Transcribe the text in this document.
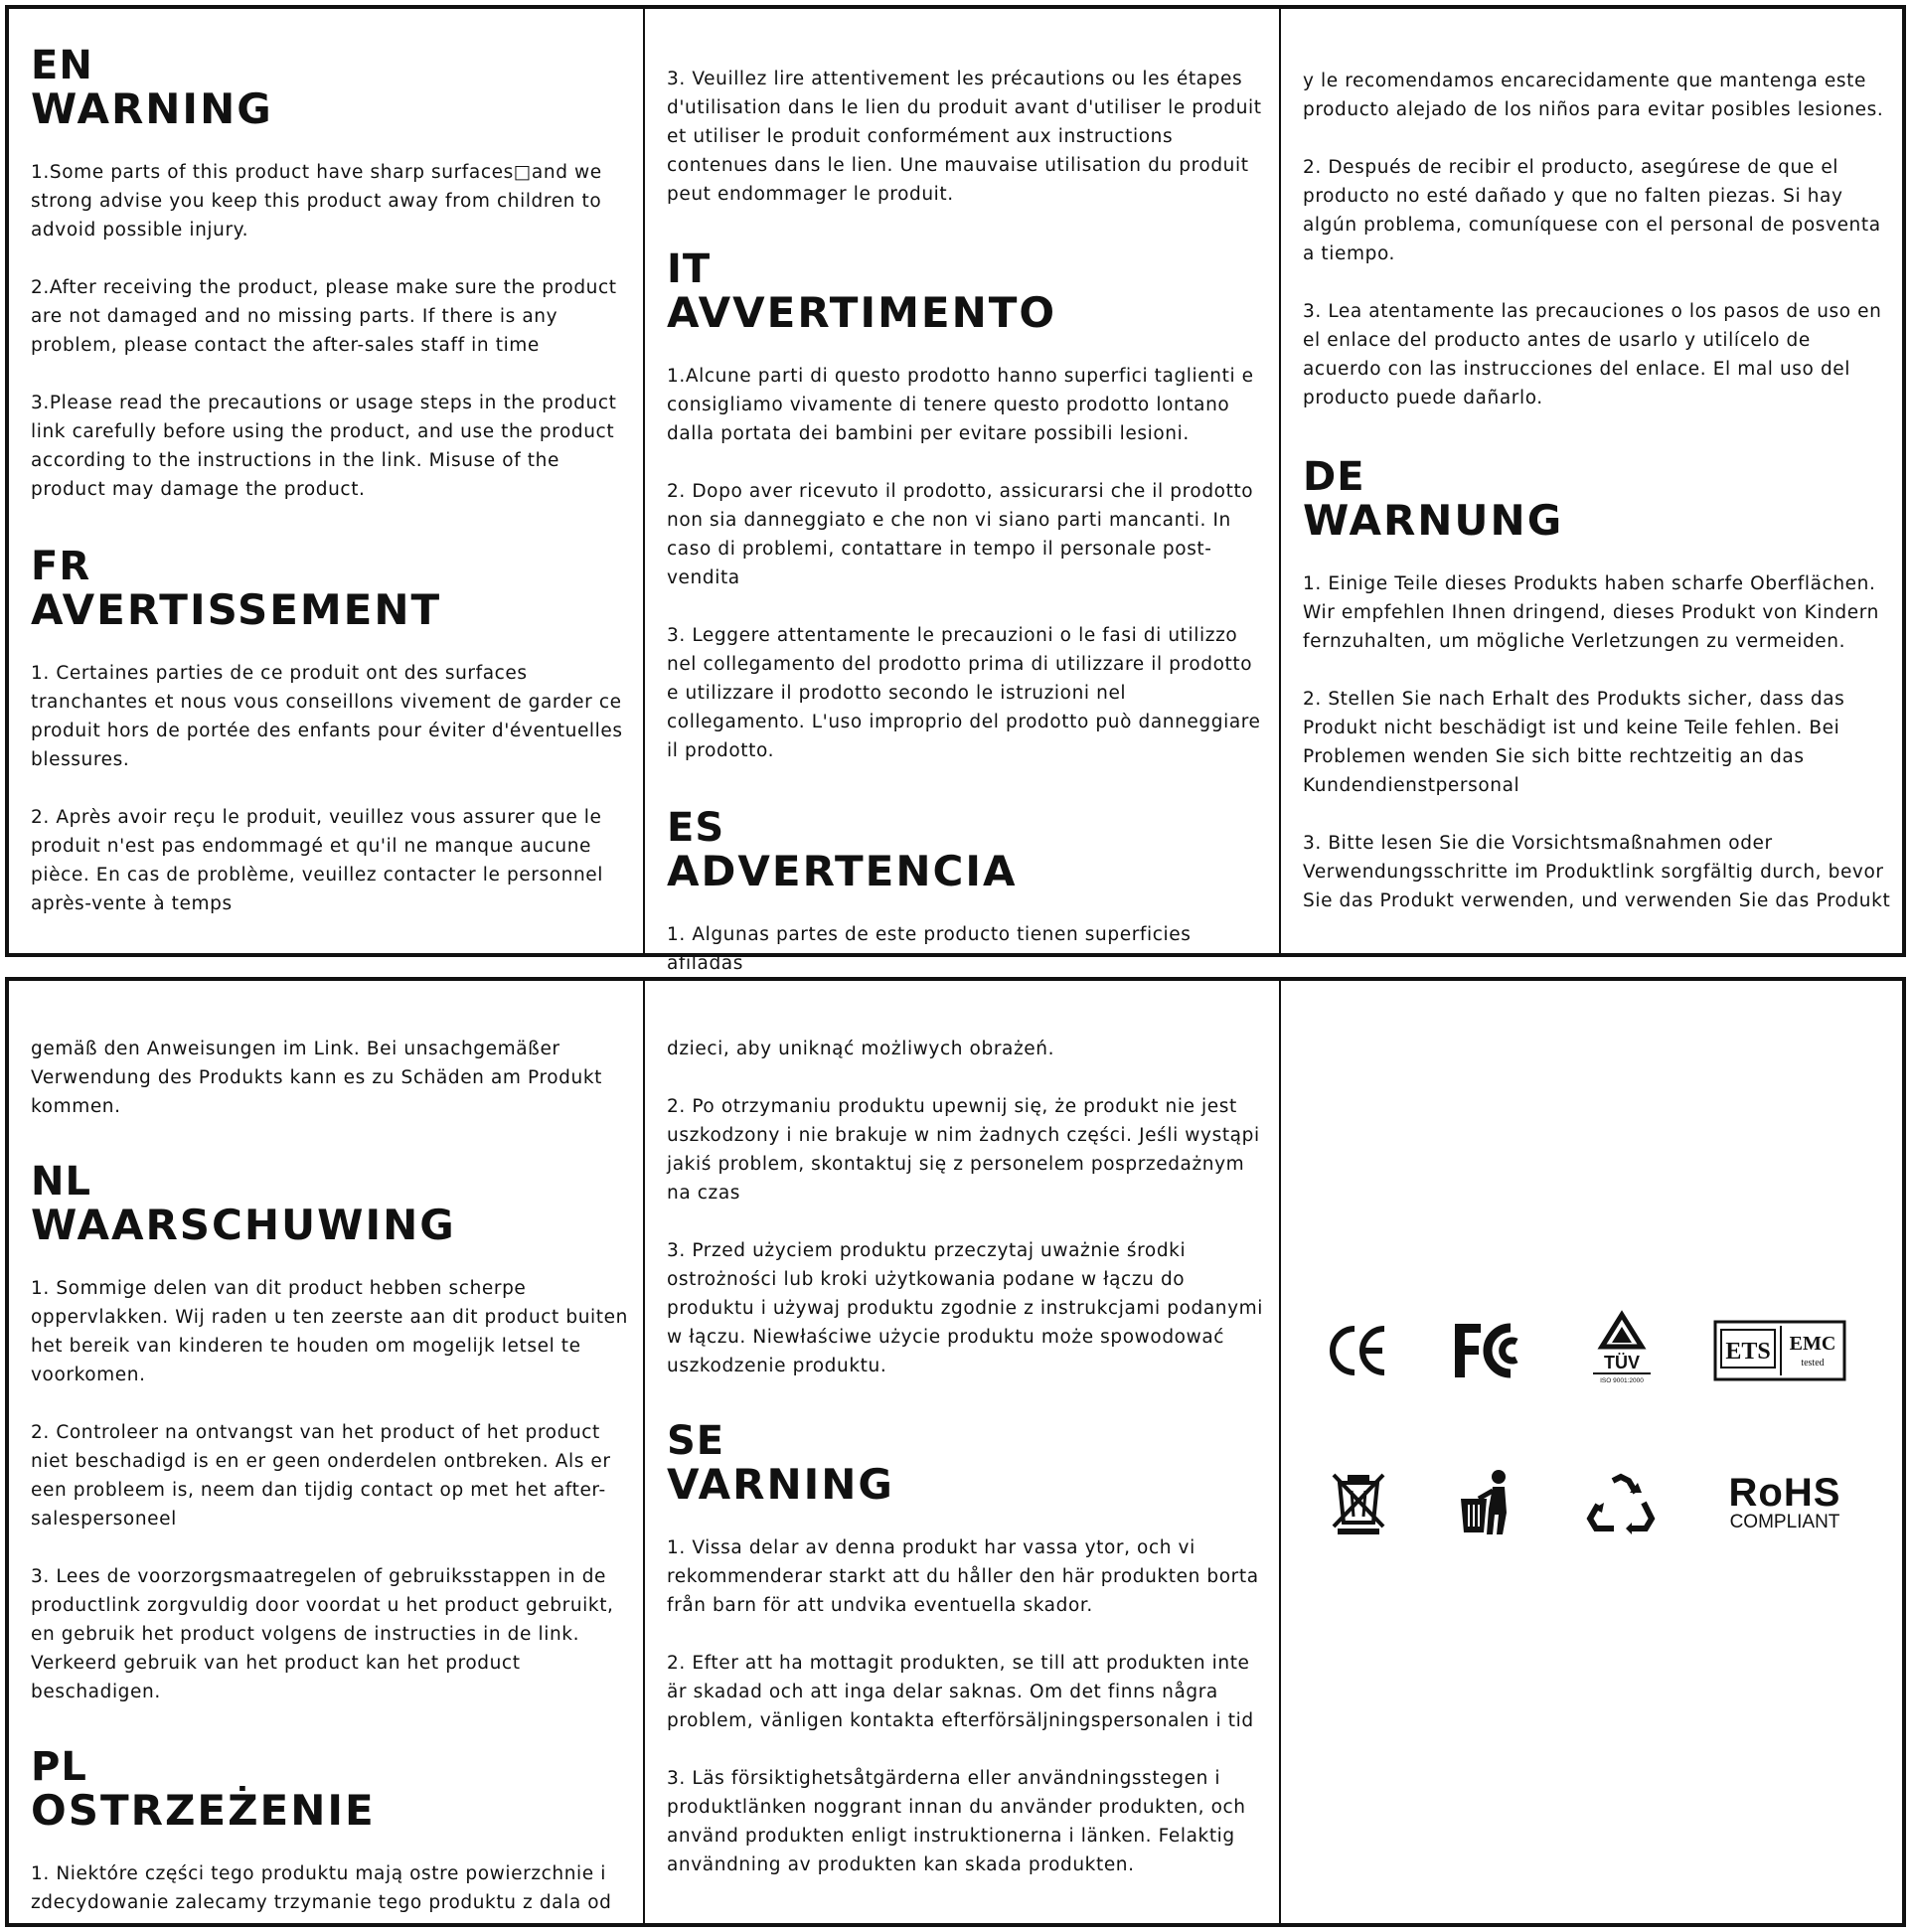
EN
WARNING

1.Some parts of this product have sharp surfaces□and we strong advise you keep this product away from children to advoid possible injury.

2.After receiving the product, please make sure the product are not damaged and no missing parts. If there is any problem, please contact the after-sales staff in time

3.Please read the precautions or usage steps in the product link carefully before using the product, and use the product according to the instructions in the link. Misuse of the product may damage the product.

FR
AVERTISSEMENT

1. Certaines parties de ce produit ont des surfaces tranchantes et nous vous conseillons vivement de garder ce produit hors de portée des enfants pour éviter d'éventuelles blessures.

2. Après avoir reçu le produit, veuillez vous assurer que le produit n'est pas endommagé et qu'il ne manque aucune pièce. En cas de problème, veuillez contacter le personnel après-vente à temps

3. Veuillez lire attentivement les précautions ou les étapes d'utilisation dans le lien du produit avant d'utiliser le produit et utiliser le produit conformément aux instructions contenues dans le lien. Une mauvaise utilisation du produit peut endommager le produit.

IT
AVVERTIMENTO

1.Alcune parti di questo prodotto hanno superfici taglienti e consigliamo vivamente di tenere questo prodotto lontano dalla portata dei bambini per evitare possibili lesioni.

2. Dopo aver ricevuto il prodotto, assicurarsi che il prodotto non sia danneggiato e che non vi siano parti mancanti. In caso di problemi, contattare in tempo il personale post-vendita

3. Leggere attentamente le precauzioni o le fasi di utilizzo nel collegamento del prodotto prima di utilizzare il prodotto e utilizzare il prodotto secondo le istruzioni nel collegamento. L'uso improprio del prodotto può danneggiare il prodotto.

ES
ADVERTENCIA

1. Algunas partes de este producto tienen superficies afiladas

y le recomendamos encarecidamente que mantenga este producto alejado de los niños para evitar posibles lesiones.

2. Después de recibir el producto, asegúrese de que el producto no esté dañado y que no falten piezas. Si hay algún problema, comuníquese con el personal de posventa a tiempo.

3. Lea atentamente las precauciones o los pasos de uso en el enlace del producto antes de usarlo y utilícelo de acuerdo con las instrucciones del enlace. El mal uso del producto puede dañarlo.

DE
WARNUNG

1. Einige Teile dieses Produkts haben scharfe Oberflächen. Wir empfehlen Ihnen dringend, dieses Produkt von Kindern fernzuhalten, um mögliche Verletzungen zu vermeiden.

2. Stellen Sie nach Erhalt des Produkts sicher, dass das Produkt nicht beschädigt ist und keine Teile fehlen. Bei Problemen wenden Sie sich bitte rechtzeitig an das Kundendienstpersonal

3. Bitte lesen Sie die Vorsichtsmaßnahmen oder Verwendungsschritte im Produktlink sorgfältig durch, bevor Sie das Produkt verwenden, und verwenden Sie das Produkt

gemäß den Anweisungen im Link. Bei unsachgemäßer Verwendung des Produkts kann es zu Schäden am Produkt kommen.

NL
WAARSCHUWING

1. Sommige delen van dit product hebben scherpe oppervlakken. Wij raden u ten zeerste aan dit product buiten het bereik van kinderen te houden om mogelijk letsel te voorkomen.

2. Controleer na ontvangst van het product of het product niet beschadigd is en er geen onderdelen ontbreken. Als er een probleem is, neem dan tijdig contact op met het after-salespersoneel

3. Lees de voorzorgsmaatregelen of gebruiksstappen in de productlink zorgvuldig door voordat u het product gebruikt, en gebruik het product volgens de instructies in de link. Verkeerd gebruik van het product kan het product beschadigen.

PL
OSTRZEŻENIE

1. Niektóre części tego produktu mają ostre powierzchnie i zdecydowanie zalecamy trzymanie tego produktu z dala od

dzieci, aby uniknąć możliwych obrażeń.

2. Po otrzymaniu produktu upewnij się, że produkt nie jest uszkodzony i nie brakuje w nim żadnych części. Jeśli wystąpi jakiś problem, skontaktuj się z personelem posprzedażnym na czas

3. Przed użyciem produktu przeczytaj uważnie środki ostrożności lub kroki użytkowania podane w łączu do produktu i używaj produktu zgodnie z instrukcjami podanymi w łączu. Niewłaściwe użycie produktu może spowodować uszkodzenie produktu.

SE
VARNING

1. Vissa delar av denna produkt har vassa ytor, och vi rekommenderar starkt att du håller den här produkten borta från barn för att undvika eventuella skador.

2. Efter att ha mottagit produkten, se till att produkten inte är skadad och att inga delar saknas. Om det finns några problem, vänligen kontakta efterförsäljningspersonalen i tid

3. Läs försiktighetsåtgärderna eller användningsstegen i produktlänken noggrant innan du använder produkten, och använd produkten enligt instruktionerna i länken. Felaktig användning av produkten kan skada produkten.

TÜV
ISO 9001:2000
ETS EMC
tested
RoHS
COMPLIANT
